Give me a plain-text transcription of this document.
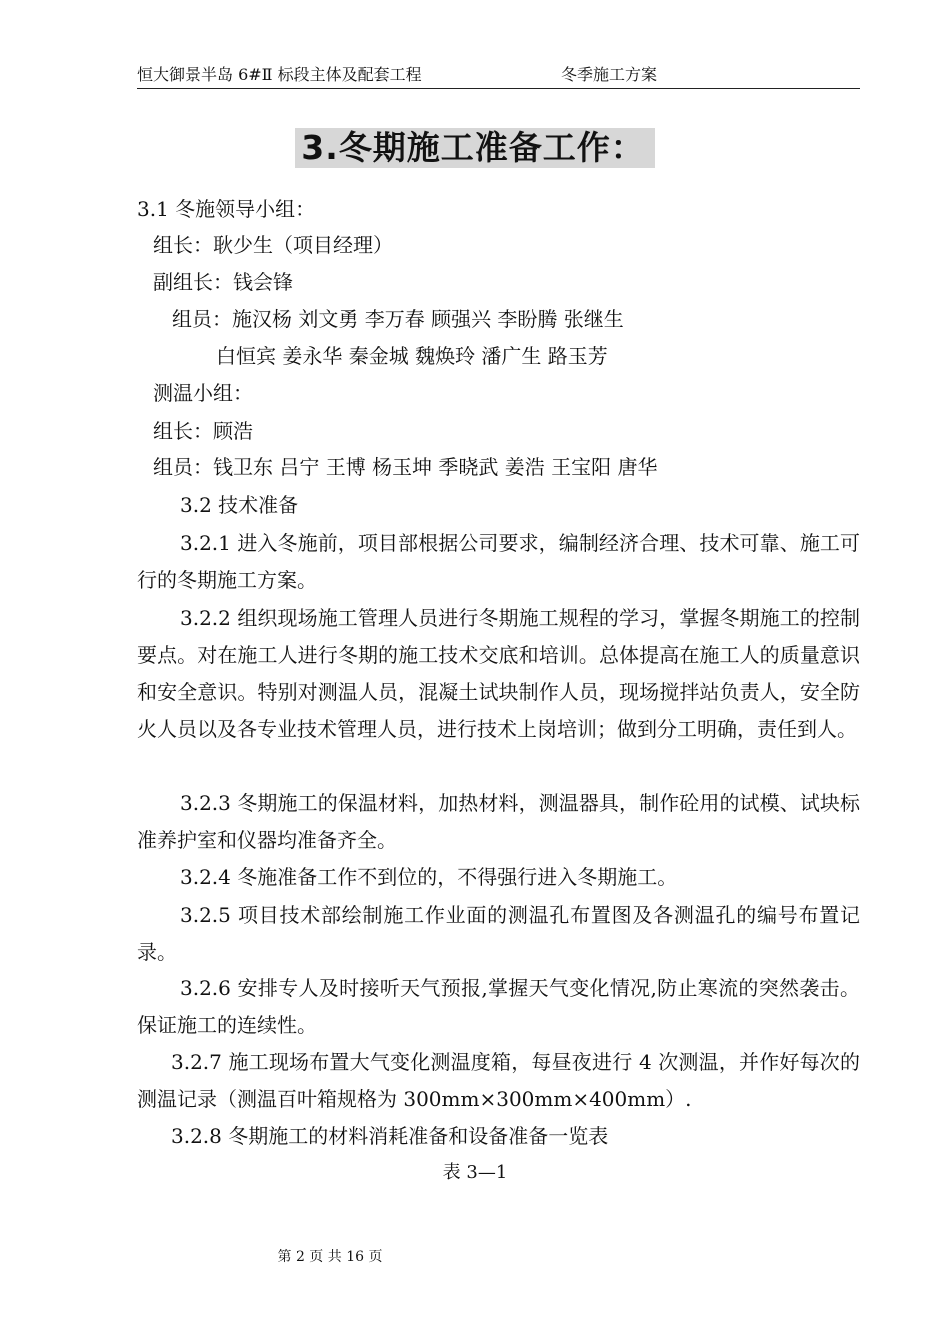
恒大御景半岛 6#Ⅱ 标段主体及配套工程	冬季施工方案
3.冬期施工准备工作：
3.1 冬施领导小组：
组长：耿少生（项目经理）
副组长：钱会锋
组员：施汉杨 刘文勇 李万春 顾强兴 李盼腾 张继生
白恒宾 姜永华 秦金城 魏焕玲 潘广生 路玉芳
测温小组：
组长：顾浩
组员：钱卫东 吕宁 王博 杨玉坤 季晓武 姜浩 王宝阳 唐华
3.2 技术准备
3.2.1 进入冬施前，项目部根据公司要求，编制经济合理、技术可靠、施工可行的冬期施工方案。
3.2.2 组织现场施工管理人员进行冬期施工规程的学习，掌握冬期施工的控制要点。对在施工人进行冬期的施工技术交底和培训。总体提高在施工人的质量意识和安全意识。特别对测温人员，混凝土试块制作人员，现场搅拌站负责人，安全防火人员以及各专业技术管理人员，进行技术上岗培训；做到分工明确，责任到人。
3.2.3 冬期施工的保温材料，加热材料，测温器具，制作砼用的试模、试块标准养护室和仪器均准备齐全。
3.2.4 冬施准备工作不到位的，不得强行进入冬期施工。
3.2.5 项目技术部绘制施工作业面的测温孔布置图及各测温孔的编号布置记录。
3.2.6 安排专人及时接听天气预报,掌握天气变化情况,防止寒流的突然袭击。保证施工的连续性。
3.2.7 施工现场布置大气变化测温度箱，每昼夜进行 4 次测温，并作好每次的测温记录（测温百叶箱规格为 300mm×300mm×400mm）.
3.2.8 冬期施工的材料消耗准备和设备准备一览表
表 3—1
第 2 页 共 16 页
